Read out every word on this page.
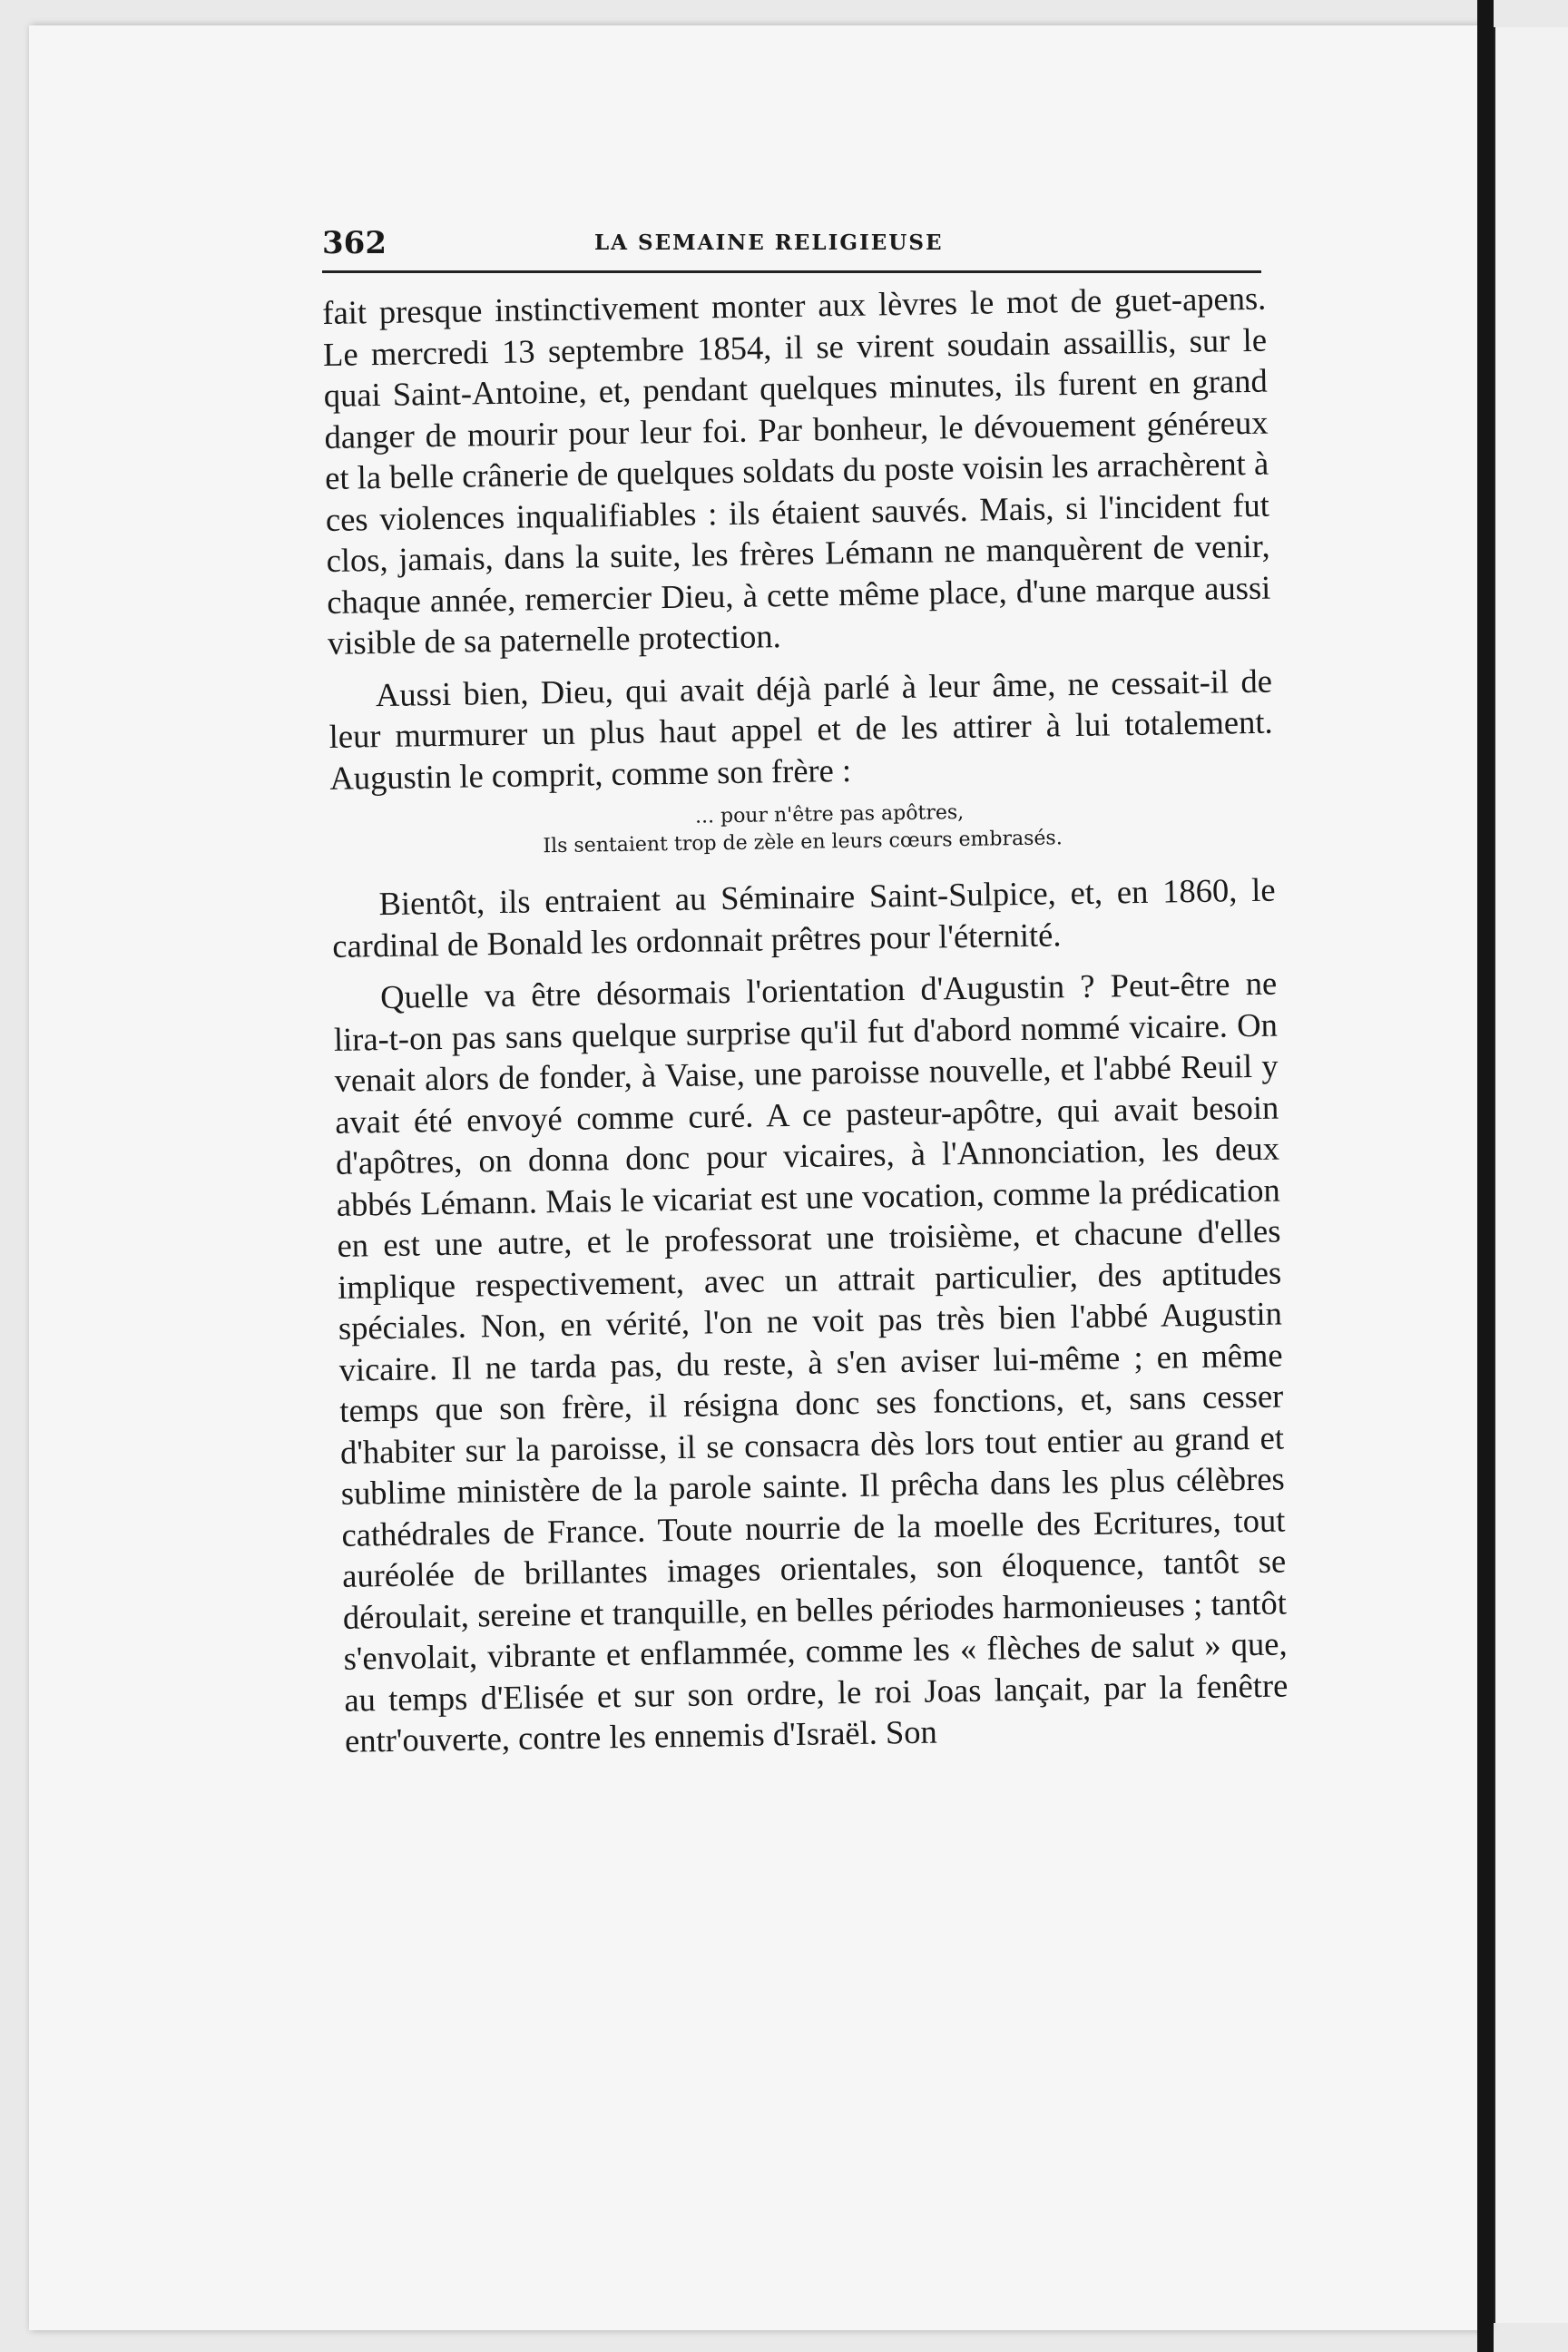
362	LA SEMAINE RELIGIEUSE

fait presque instinctivement monter aux lèvres le mot de guet-apens. Le mercredi 13 septembre 1854, il se virent soudain assaillis, sur le quai Saint-Antoine, et, pendant quelques minutes, ils furent en grand danger de mourir pour leur foi. Par bonheur, le dévouement généreux et la belle crânerie de quelques soldats du poste voisin les arrachèrent à ces violences inqualifiables : ils étaient sauvés. Mais, si l'incident fut clos, jamais, dans la suite, les frères Lémann ne manquèrent de venir, chaque année, remercier Dieu, à cette même place, d'une marque aussi visible de sa paternelle protection.

Aussi bien, Dieu, qui avait déjà parlé à leur âme, ne cessait-il de leur murmurer un plus haut appel et de les attirer à lui totalement. Augustin le comprit, comme son frère :

... pour n'être pas apôtres,
Ils sentaient trop de zèle en leurs cœurs embrasés.

Bientôt, ils entraient au Séminaire Saint-Sulpice, et, en 1860, le cardinal de Bonald les ordonnait prêtres pour l'éternité.

Quelle va être désormais l'orientation d'Augustin ? Peut-être ne lira-t-on pas sans quelque surprise qu'il fut d'abord nommé vicaire. On venait alors de fonder, à Vaise, une paroisse nouvelle, et l'abbé Reuil y avait été envoyé comme curé. A ce pasteur-apôtre, qui avait besoin d'apôtres, on donna donc pour vicaires, à l'Annonciation, les deux abbés Lémann. Mais le vicariat est une vocation, comme la prédication en est une autre, et le professorat une troisième, et chacune d'elles implique respectivement, avec un attrait particulier, des aptitudes spéciales. Non, en vérité, l'on ne voit pas très bien l'abbé Augustin vicaire. Il ne tarda pas, du reste, à s'en aviser lui-même ; en même temps que son frère, il résigna donc ses fonctions, et, sans cesser d'habiter sur la paroisse, il se consacra dès lors tout entier au grand et sublime ministère de la parole sainte. Il prêcha dans les plus célèbres cathédrales de France. Toute nourrie de la moelle des Ecritures, tout auréolée de brillantes images orientales, son éloquence, tantôt se déroulait, sereine et tranquille, en belles périodes harmonieuses ; tantôt s'envolait, vibrante et enflammée, comme les « flèches de salut » que, au temps d'Elisée et sur son ordre, le roi Joas lançait, par la fenêtre entr'ouverte, contre les ennemis d'Israël. Son
